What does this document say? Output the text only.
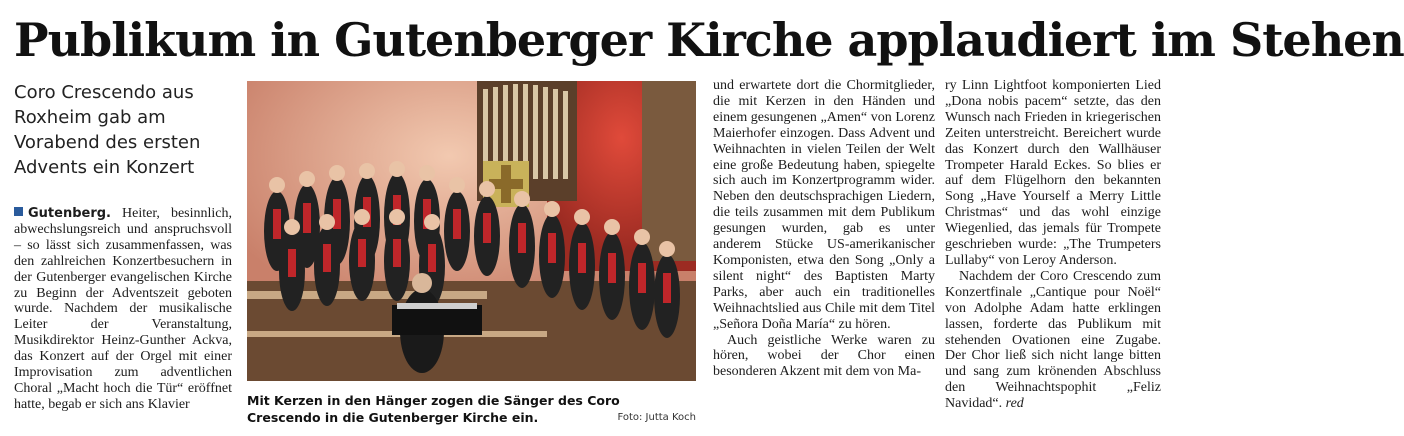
Publikum in Gutenberger Kirche applaudiert im Stehen
Coro Crescendo aus Roxheim gab am Vorabend des ersten Advents ein Konzert

Gutenberg. Heiter, besinnlich, abwechslungsreich und anspruchsvoll – so lässt sich zusammenfassen, was den zahlreichen Konzertbesuchern in der Gutenberger evangelischen Kirche zu Beginn der Adventszeit geboten wurde. Nachdem der musikalische Leiter der Veranstaltung, Musikdirektor Heinz-Gunther Ackva, das Konzert auf der Orgel mit einer Improvisation zum adventlichen Choral „Macht hoch die Tür“ eröffnet hatte, begab er sich ans Klavier	Mit Kerzen in den Hänger zogen die Sänger des Coro Crescendo in die Gutenberger Kirche ein.	Foto: Jutta Koch

und erwartete dort die Chormitglieder, die mit Kerzen in den Händen und einem gesungenen „Amen“ von Lorenz Maierhofer einzogen. Dass Advent und Weihnachten in vielen Teilen der Welt eine große Bedeutung haben, spiegelte sich auch im Konzertprogramm wider. Neben den deutschsprachigen Liedern, die teils zusammen mit dem Publikum gesungen wurden, gab es unter anderem Stücke US-amerikanischer Komponisten, etwa den Song „Only a silent night“ des Baptisten Marty Parks, aber auch ein traditionelles Weihnachtslied aus Chile mit dem Titel „Señora Doña María“ zu hören.

Auch geistliche Werke waren zu hören, wobei der Chor einen besonderen Akzent mit dem von Ma-

ry Linn Lightfoot komponierten Lied „Dona nobis pacem“ setzte, das den Wunsch nach Frieden in kriegerischen Zeiten unterstreicht. Bereichert wurde das Konzert durch den Wallhäuser Trompeter Harald Eckes. So blies er auf dem Flügelhorn den bekannten Song „Have Yourself a Merry Little Christmas“ und das wohl einzige Wiegenlied, das jemals für Trompete geschrieben wurde: „The Trumpeters Lullaby“ von Leroy Anderson.

Nachdem der Coro Crescendo zum Konzertfinale „Cantique pour Noël“ von Adolphe Adam hatte erklingen lassen, forderte das Publikum mit stehenden Ovationen eine Zugabe. Der Chor ließ sich nicht lange bitten und sang zum krönenden Abschluss den Weihnachtspophit „Feliz Navidad“. red
